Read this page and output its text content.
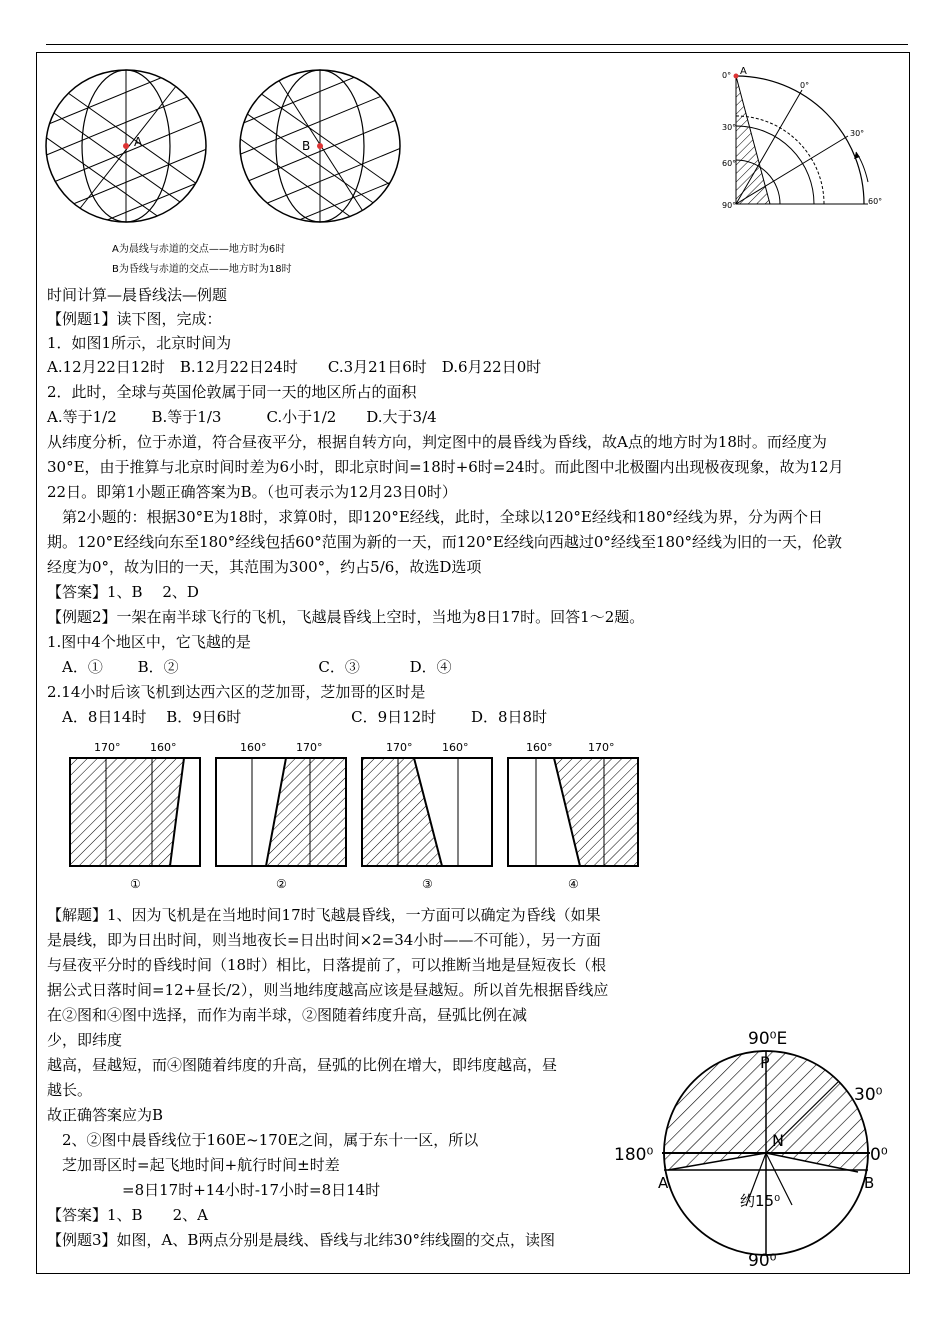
A	B
A为晨线与赤道的交点——地方时为6时
B为昏线与赤道的交点——地方时为18时
A
0°
0°
30°
30°
60°
90°	60°
时间计算—晨昏线法—例题
【例题1】读下图，完成：
1．如图1所示，北京时间为
A.12月22日12时　B.12月22日24时　　C.3月21日6时　D.6月22日0时
2．此时，全球与英国伦敦属于同一天的地区所占的面积
A.等于1/2　　 B.等于1/3　　　C.小于1/2　　D.大于3/4
从纬度分析，位于赤道，符合昼夜平分，根据自转方向，判定图中的晨昏线为昏线，故A点的地方时为18时。而经度为
30°E，由于推算与北京时间时差为6小时，即北京时间=18时+6时=24时。而此图中北极圈内出现极夜现象，故为12月
22日。即第1小题正确答案为B。（也可表示为12月23日0时）
　第2小题的：根据30°E为18时，求算0时，即120°E经线，此时，全球以120°E经线和180°经线为界，分为两个日
期。120°E经线向东至180°经线包括60°范围为新的一天，而120°E经线向西越过0°经线至180°经线为旧的一天，伦敦
经度为0°，故为旧的一天，其范围为300°，约占5/6，故选D选项
【答案】1、B　 2、D
【例题2】一架在南半球飞行的飞机，飞越晨昏线上空时，当地为8日17时。回答1～2题。
1.图中4个地区中，它飞越的是
　A．①　　 B．②　　　　　　　　　 C．③　　　 D．④
2.14小时后该飞机到达西六区的芝加哥，芝加哥的区时是
　A．8日14时　 B．9日6时　　　　　　　 C．9日12时　　 D．8日8时
170°	160°
①
160°	170°
②
170°	160°
③
160°	170°
④
【解题】1、因为飞机是在当地时间17时飞越晨昏线，一方面可以确定为昏线（如果
是晨线，即为日出时间，则当地夜长=日出时间×2=34小时——不可能），另一方面
与昼夜平分时的昏线时间（18时）相比，日落提前了，可以推断当地是昼短夜长（根
据公式日落时间=12+昼长/2），则当地纬度越高应该是昼越短。所以首先根据昏线应
在②图和④图中选择，而作为南半球，②图随着纬度升高，昼弧比例在减
少，即纬度
越高，昼越短，而④图随着纬度的升高，昼弧的比例在增大，即纬度越高，昼
越长。
故正确答案应为B
　2、②图中晨昏线位于160E~170E之间，属于东十一区，所以
　芝加哥区时=起飞地时间+航行时间±时差
　　　　　=8日17时+14小时-17小时=8日14时
【答案】1、B　　2、A
【例题3】如图，A、B两点分别是晨线、昏线与北纬30°纬线圈的交点，读图
90⁰E
P
30⁰
180⁰
N
0⁰
A	B
约15⁰
90⁰
